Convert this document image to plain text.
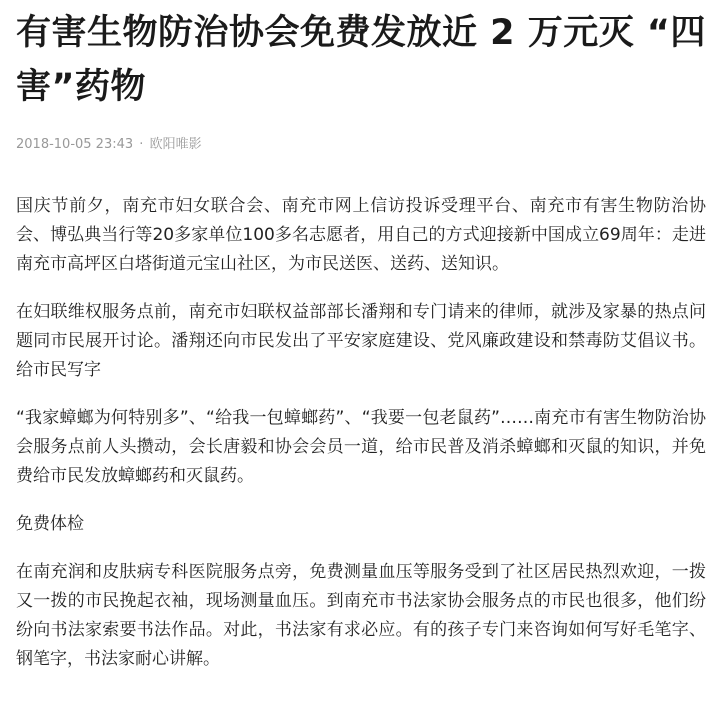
有害生物防治协会免费发放近 2 万元灭 “四害”药物
2018-10-05 23:43 · 欧阳唯影

国庆节前夕，南充市妇女联合会、南充市网上信访投诉受理平台、南充市有害生物防治协会、博弘典当行等20多家单位100多名志愿者，用自己的方式迎接新中国成立69周年：走进南充市高坪区白塔街道元宝山社区，为市民送医、送药、送知识。

在妇联维权服务点前，南充市妇联权益部部长潘翔和专门请来的律师，就涉及家暴的热点问题同市民展开讨论。潘翔还向市民发出了平安家庭建设、党风廉政建设和禁毒防艾倡议书。给市民写字

“我家蟑螂为何特别多”、“给我一包蟑螂药”、“我要一包老鼠药”……南充市有害生物防治协会服务点前人头攒动，会长唐毅和协会会员一道，给市民普及消杀蟑螂和灭鼠的知识，并免费给市民发放蟑螂药和灭鼠药。

免费体检

在南充润和皮肤病专科医院服务点旁，免费测量血压等服务受到了社区居民热烈欢迎，一拨又一拨的市民挽起衣袖，现场测量血压。到南充市书法家协会服务点的市民也很多，他们纷纷向书法家索要书法作品。对此，书法家有求必应。有的孩子专门来咨询如何写好毛笔字、钢笔字，书法家耐心讲解。
